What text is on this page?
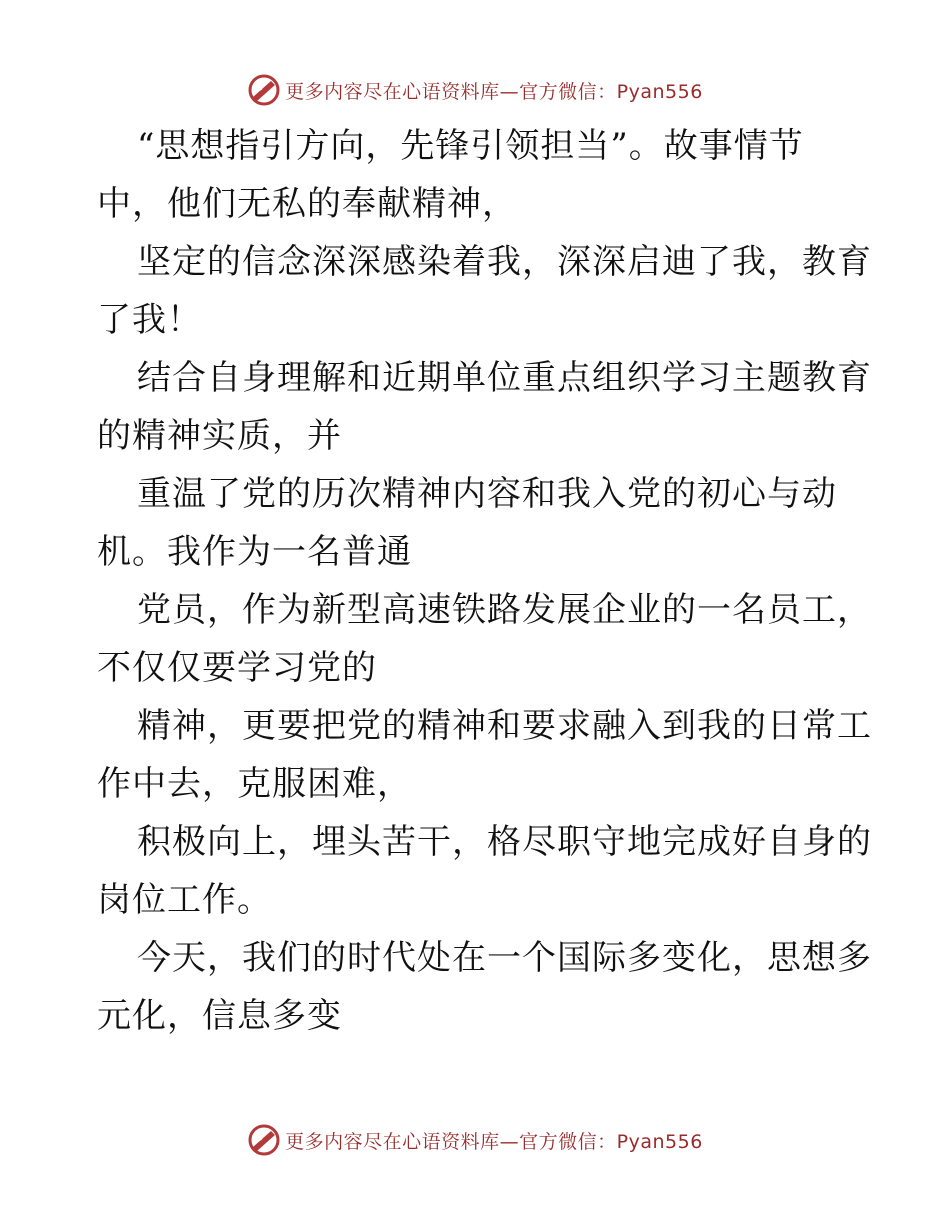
更多内容尽在心语资料库—官方微信：Pyan556
“思想指引方向，先锋引领担当”。故事情节
中，他们无私的奉献精神，
坚定的信念深深感染着我，深深启迪了我，教育
了我！
结合自身理解和近期单位重点组织学习主题教育
的精神实质，并
重温了党的历次精神内容和我入党的初心与动
机。我作为一名普通
党员，作为新型高速铁路发展企业的一名员工，
不仅仅要学习党的
精神，更要把党的精神和要求融入到我的日常工
作中去，克服困难，
积极向上，埋头苦干，格尽职守地完成好自身的
岗位工作。
今天，我们的时代处在一个国际多变化，思想多
元化，信息多变
更多内容尽在心语资料库—官方微信：Pyan556
